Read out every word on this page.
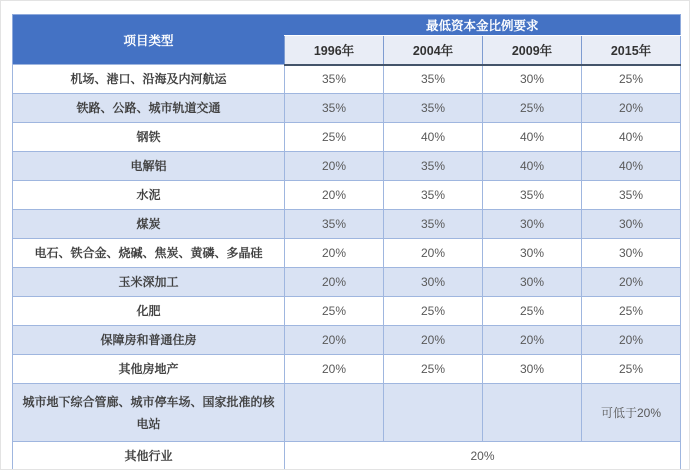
项目类型	最低资本金比例要求			
	1996年	2004年	2009年	2015年
机场、港口、沿海及内河航运	35%	35%	30%	25%
铁路、公路、城市轨道交通	35%	35%	25%	20%
钢铁	25%	40%	40%	40%
电解铝	20%	35%	40%	40%
水泥	20%	35%	35%	35%
煤炭	35%	35%	30%	30%
电石、铁合金、烧碱、焦炭、黄磷、多晶硅	20%	20%	30%	30%
玉米深加工	20%	30%	30%	20%
化肥	25%	25%	25%	25%
保障房和普通住房	20%	20%	20%	20%
其他房地产	20%	25%	30%	25%
城市地下综合管廊、城市停车场、国家批准的核电站				可低于20%
其他行业	20%			
